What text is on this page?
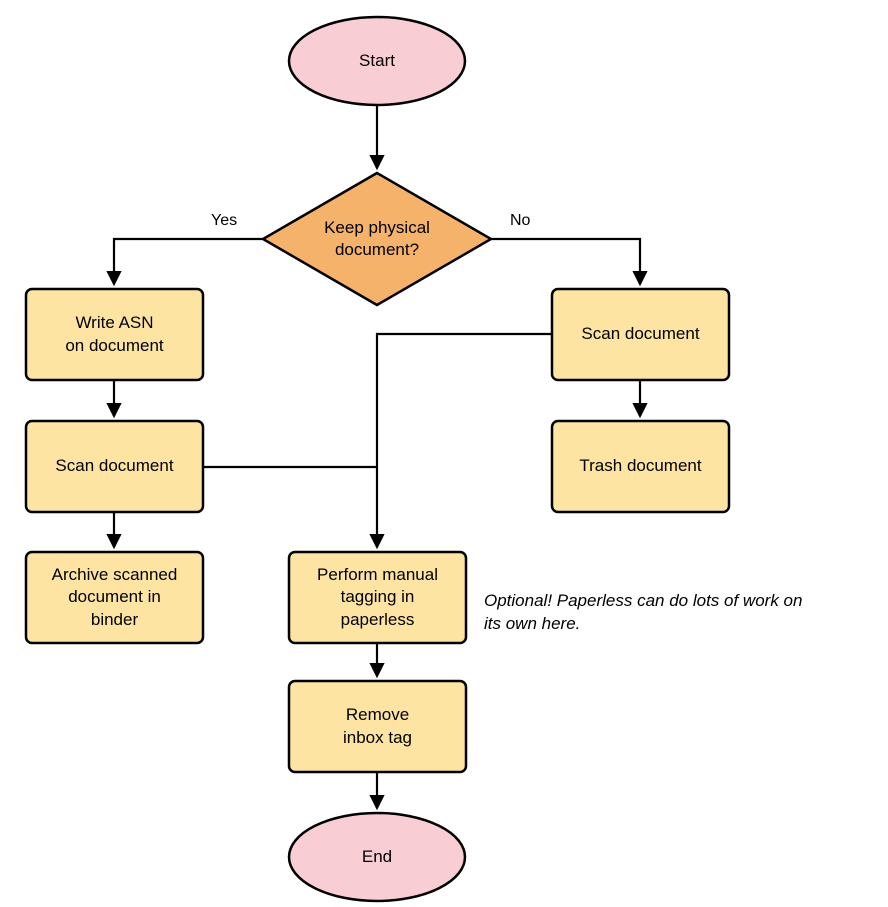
Start
Keep physical
document?
Write ASN
on document
Scan document
Archive scanned
document in
binder
Scan document
Trash document
Perform manual
tagging in
paperless
Remove
inbox tag
End
Yes	No
Optional! Paperless can do lots of work on
its own here.
